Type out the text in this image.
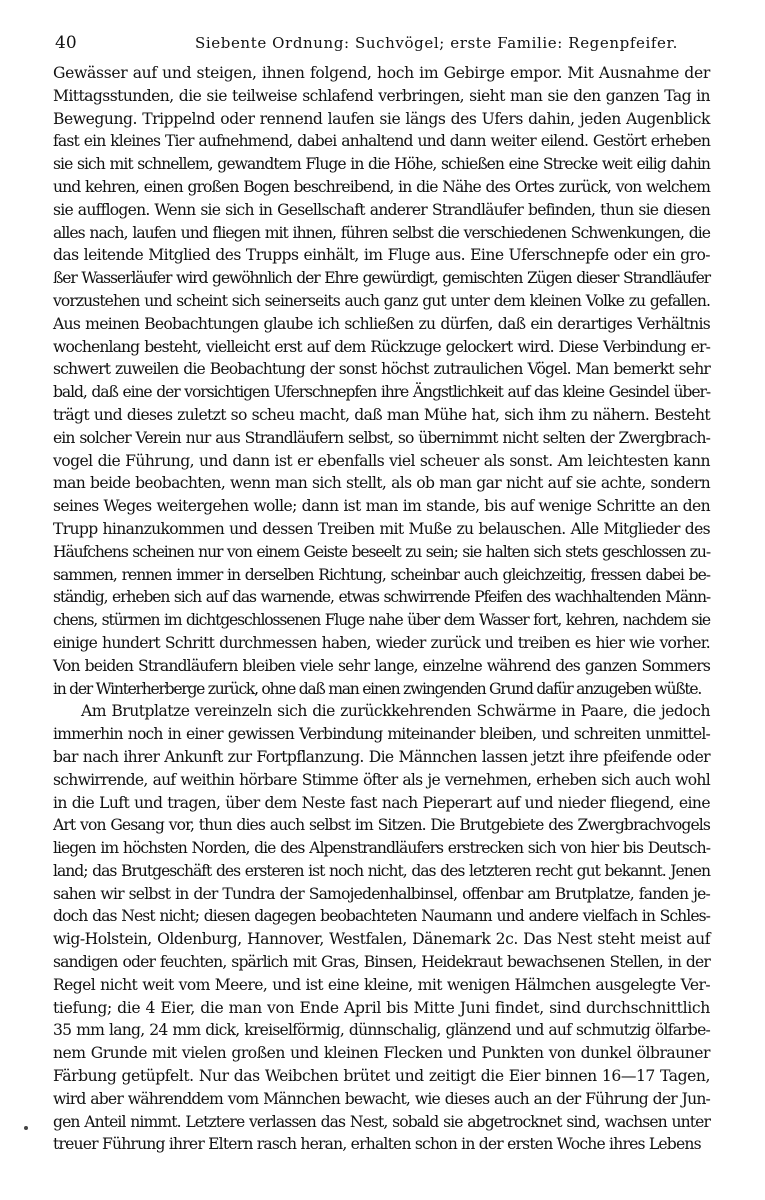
40	Siebente Ordnung: Suchvögel; erste Familie: Regenpfeifer.
Gewässer auf und steigen, ihnen folgend, hoch im Gebirge empor. Mit Ausnahme der
Mittagsstunden, die sie teilweise schlafend verbringen, sieht man sie den ganzen Tag in
Bewegung. Trippelnd oder rennend laufen sie längs des Ufers dahin, jeden Augenblick
fast ein kleines Tier aufnehmend, dabei anhaltend und dann weiter eilend. Gestört erheben
sie sich mit schnellem, gewandtem Fluge in die Höhe, schießen eine Strecke weit eilig dahin
und kehren, einen großen Bogen beschreibend, in die Nähe des Ortes zurück, von welchem
sie aufflogen. Wenn sie sich in Gesellschaft anderer Strandläufer befinden, thun sie diesen
alles nach, laufen und fliegen mit ihnen, führen selbst die verschiedenen Schwenkungen, die
das leitende Mitglied des Trupps einhält, im Fluge aus. Eine Uferschnepfe oder ein gro-
ßer Wasserläufer wird gewöhnlich der Ehre gewürdigt, gemischten Zügen dieser Strandläufer
vorzustehen und scheint sich seinerseits auch ganz gut unter dem kleinen Volke zu gefallen.
Aus meinen Beobachtungen glaube ich schließen zu dürfen, daß ein derartiges Verhältnis
wochenlang besteht, vielleicht erst auf dem Rückzuge gelockert wird. Diese Verbindung er-
schwert zuweilen die Beobachtung der sonst höchst zutraulichen Vögel. Man bemerkt sehr
bald, daß eine der vorsichtigen Uferschnepfen ihre Ängstlichkeit auf das kleine Gesindel über-
trägt und dieses zuletzt so scheu macht, daß man Mühe hat, sich ihm zu nähern. Besteht
ein solcher Verein nur aus Strandläufern selbst, so übernimmt nicht selten der Zwergbrach-
vogel die Führung, und dann ist er ebenfalls viel scheuer als sonst. Am leichtesten kann
man beide beobachten, wenn man sich stellt, als ob man gar nicht auf sie achte, sondern
seines Weges weitergehen wolle; dann ist man im stande, bis auf wenige Schritte an den
Trupp hinanzukommen und dessen Treiben mit Muße zu belauschen. Alle Mitglieder des
Häufchens scheinen nur von einem Geiste beseelt zu sein; sie halten sich stets geschlossen zu-
sammen, rennen immer in derselben Richtung, scheinbar auch gleichzeitig, fressen dabei be-
ständig, erheben sich auf das warnende, etwas schwirrende Pfeifen des wachhaltenden Männ-
chens, stürmen im dichtgeschlossenen Fluge nahe über dem Wasser fort, kehren, nachdem sie
einige hundert Schritt durchmessen haben, wieder zurück und treiben es hier wie vorher.
Von beiden Strandläufern bleiben viele sehr lange, einzelne während des ganzen Sommers
in der Winterherberge zurück, ohne daß man einen zwingenden Grund dafür anzugeben wüßte.
Am Brutplatze vereinzeln sich die zurückkehrenden Schwärme in Paare, die jedoch
immerhin noch in einer gewissen Verbindung miteinander bleiben, und schreiten unmittel-
bar nach ihrer Ankunft zur Fortpflanzung. Die Männchen lassen jetzt ihre pfeifende oder
schwirrende, auf weithin hörbare Stimme öfter als je vernehmen, erheben sich auch wohl
in die Luft und tragen, über dem Neste fast nach Pieperart auf und nieder fliegend, eine
Art von Gesang vor, thun dies auch selbst im Sitzen. Die Brutgebiete des Zwergbrachvogels
liegen im höchsten Norden, die des Alpenstrandläufers erstrecken sich von hier bis Deutsch-
land; das Brutgeschäft des ersteren ist noch nicht, das des letzteren recht gut bekannt. Jenen
sahen wir selbst in der Tundra der Samojedenhalbinsel, offenbar am Brutplatze, fanden je-
doch das Nest nicht; diesen dagegen beobachteten Naumann und andere vielfach in Schles-
wig-Holstein, Oldenburg, Hannover, Westfalen, Dänemark 2c. Das Nest steht meist auf
sandigen oder feuchten, spärlich mit Gras, Binsen, Heidekraut bewachsenen Stellen, in der
Regel nicht weit vom Meere, und ist eine kleine, mit wenigen Hälmchen ausgelegte Ver-
tiefung; die 4 Eier, die man von Ende April bis Mitte Juni findet, sind durchschnittlich
35 mm lang, 24 mm dick, kreiselförmig, dünnschalig, glänzend und auf schmutzig ölfarbe-
nem Grunde mit vielen großen und kleinen Flecken und Punkten von dunkel ölbrauner
Färbung getüpfelt. Nur das Weibchen brütet und zeitigt die Eier binnen 16—17 Tagen,
wird aber währenddem vom Männchen bewacht, wie dieses auch an der Führung der Jun-
gen Anteil nimmt. Letztere verlassen das Nest, sobald sie abgetrocknet sind, wachsen unter
treuer Führung ihrer Eltern rasch heran, erhalten schon in der ersten Woche ihres Lebens
